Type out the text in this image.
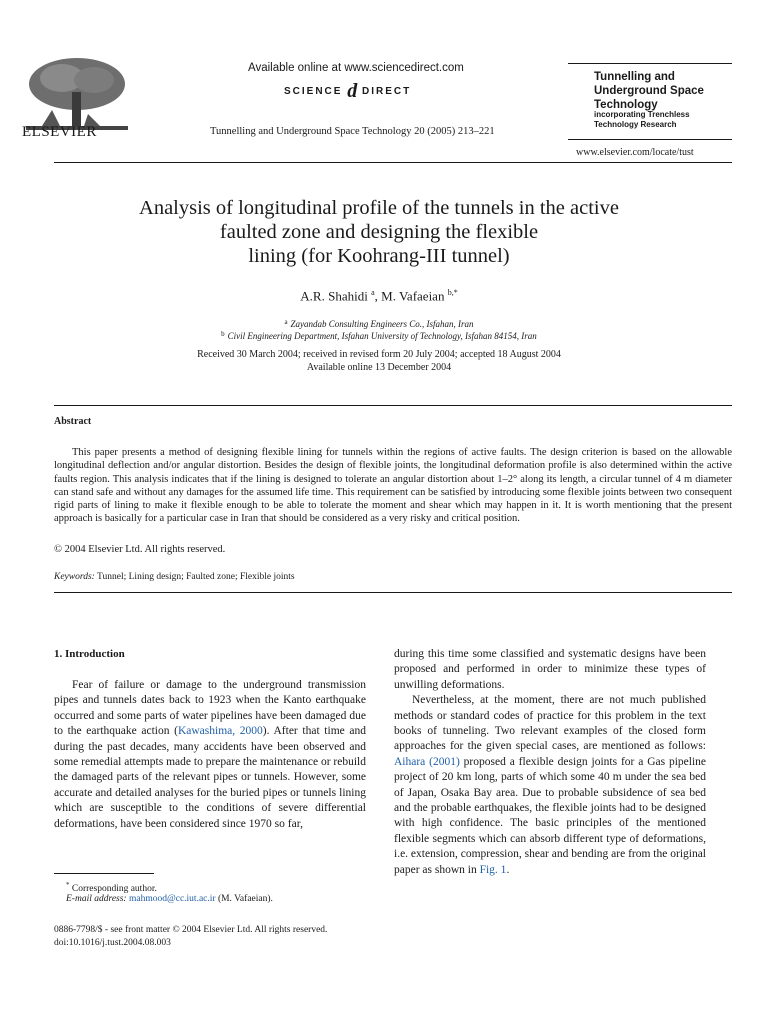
ELSEVIER
Available online at www.sciencedirect.com
SCIENCE d DIRECT
Tunnelling and Underground Space Technology 20 (2005) 213–221
Tunnelling and Underground Space Technology
incorporating Trenchless Technology Research
www.elsevier.com/locate/tust
Analysis of longitudinal profile of the tunnels in the active
faulted zone and designing the flexible
lining (for Koohrang-III tunnel)
A.R. Shahidi $^a$, M. Vafaeian $^{b,*}$
$^a$ Zayandab Consulting Engineers Co., Isfahan, Iran
$^b$ Civil Engineering Department, Isfahan University of Technology, Isfahan 84154, Iran
Received 30 March 2004; received in revised form 20 July 2004; accepted 18 August 2004
Available online 13 December 2004
Abstract

This paper presents a method of designing flexible lining for tunnels within the regions of active faults. The design criterion is based on the allowable longitudinal deflection and/or angular distortion. Besides the design of flexible joints, the longitudinal deformation profile is also determined within the active faults region. This analysis indicates that if the lining is designed to tolerate an angular distortion about 1–2° along its length, a circular tunnel of 4 m diameter can stand safe and without any damages for the assumed life time. This requirement can be satisfied by introducing some flexible joints between two consequent rigid parts of lining to make it flexible enough to be able to tolerate the moment and shear which may happen in it. It is worth mentioning that the present approach is basically for a particular case in Iran that should be considered as a very risky and critical position.

© 2004 Elsevier Ltd. All rights reserved.
Keywords: Tunnel; Lining design; Faulted zone; Flexible joints
1. Introduction

Fear of failure or damage to the underground transmission pipes and tunnels dates back to 1923 when the Kanto earthquake occurred and some parts of water pipelines have been damaged due to the earthquake action (Kawashima, 2000). After that time and during the past decades, many accidents have been observed and some remedial attempts made to prepare the maintenance or rebuild the damaged parts of the relevant pipes or tunnels. However, some accurate and detailed analyses for the buried pipes or tunnels lining which are susceptible to the conditions of severe differential deformations, have been considered since 1970 so far,

during this time some classified and systematic designs have been proposed and performed in order to minimize these types of unwilling deformations.

Nevertheless, at the moment, there are not much published methods or standard codes of practice for this problem in the text books of tunneling. Two relevant examples of the closed form approaches for the given special cases, are mentioned as follows: Aihara (2001) proposed a flexible design joints for a Gas pipeline project of 20 km long, parts of which some 40 m under the sea bed of Japan, Osaka Bay area. Due to probable subsidence of sea bed and the probable earthquakes, the flexible joints had to be designed with high confidence. The basic principles of the mentioned flexible segments which can absorb different type of deformations, i.e. extension, compression, shear and bending are from the original paper as shown in Fig. 1.

* Corresponding author.
E-mail address: mahmood@cc.iut.ac.ir (M. Vafaeian).
0886-7798/$ - see front matter © 2004 Elsevier Ltd. All rights reserved.
doi:10.1016/j.tust.2004.08.003
